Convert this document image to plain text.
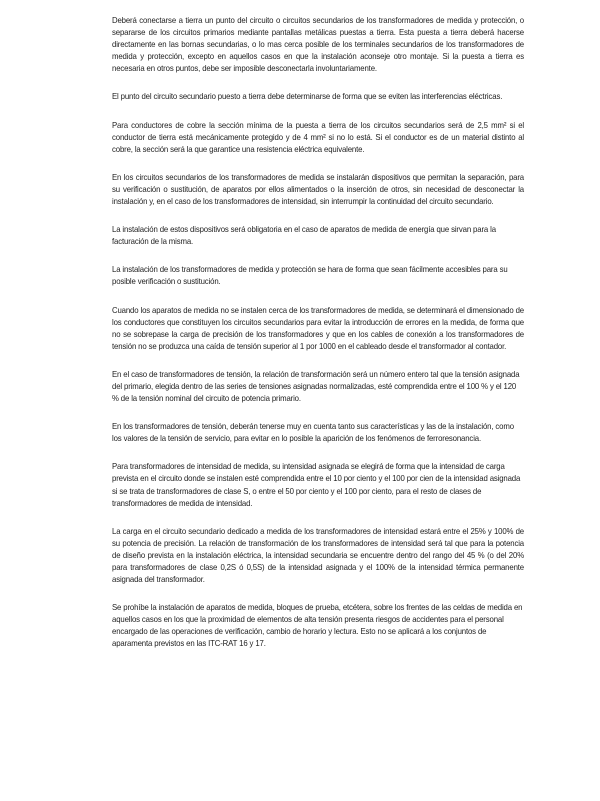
Deberá conectarse a tierra un punto del circuito o circuitos secundarios de los transformadores de medida y protección, o separarse de los circuitos primarios mediante pantallas metálicas puestas a tierra. Esta puesta a tierra deberá hacerse directamente en las bornas secundarias, o lo mas cerca posible de los terminales secundarios de los transformadores de medida y protección, excepto en aquellos casos en que la instalación aconseje otro montaje. Si la puesta a tierra es necesaria en otros puntos, debe ser imposible desconectarla involuntariamente.

El punto del circuito secundario puesto a tierra debe determinarse de forma que se eviten las interferencias eléctricas.

Para conductores de cobre la sección mínima de la puesta a tierra de los circuitos secundarios será de 2,5 mm² si el conductor de tierra está mecánicamente protegido y de 4 mm² si no lo está. Si el conductor es de un material distinto al cobre, la sección será la que garantice una resistencia eléctrica equivalente.

En los circuitos secundarios de los transformadores de medida se instalarán dispositivos que permitan la separación, para su verificación o sustitución, de aparatos por ellos alimentados o la inserción de otros, sin necesidad de desconectar la instalación y, en el caso de los transformadores de intensidad, sin interrumpir la continuidad del circuito secundario.

La instalación de estos dispositivos será obligatoria en el caso de aparatos de medida de energía que sirvan para la facturación de la misma.

La instalación de los transformadores de medida y protección se hara de forma que sean fácilmente accesibles para su posible verificación o sustitución.

Cuando los aparatos de medida no se instalen cerca de los transformadores de medida, se determinará el dimensionado de los conductores que constituyen los circuitos secundarios para evitar la introducción de errores en la medida, de forma que no se sobrepase la carga de precisión de los transformadores y que en los cables de conexión a los transformadores de tensión no se produzca una caída de tensión superior al 1 por 1000 en el cableado desde el transformador al contador.

En el caso de transformadores de tensión, la relación de transformación será un número entero tal que la tensión asignada del primario, elegida dentro de las series de tensiones asignadas normalizadas, esté comprendida entre el 100 % y el 120 % de la tensión nominal del circuito de potencia primario.

En los transformadores de tensión, deberán tenerse muy en cuenta tanto sus características y las de la instalación, como los valores de la tensión de servicio, para evitar en lo posible la aparición de los fenómenos de ferroresonancia.

Para transformadores de intensidad de medida, su intensidad asignada se elegirá de forma que la intensidad de carga prevista en el circuito donde se instalen esté comprendida entre el 10 por ciento y el 100 por cien de la intensidad asignada si se trata de transformadores de clase S, o entre el 50 por ciento y el 100 por ciento, para el resto de clases de transformadores de medida de intensidad.

La carga en el circuito secundario dedicado a medida de los transformadores de intensidad estará entre el 25% y 100% de su potencia de precisión. La relación de transformación de los transformadores de intensidad será tal que para la potencia de diseño prevista en la instalación eléctrica, la intensidad secundaria se encuentre dentro del rango del 45 % (o del 20% para transformadores de clase 0,2S ó 0,5S) de la intensidad asignada y el 100% de la intensidad térmica permanente asignada del transformador.

Se prohíbe la instalación de aparatos de medida, bloques de prueba, etcétera, sobre los frentes de las celdas de medida en aquellos casos en los que la proximidad de elementos de alta tensión presenta riesgos de accidentes para el personal encargado de las operaciones de verificación, cambio de horario y lectura. Esto no se aplicará a los conjuntos de aparamenta previstos en las ITC-RAT 16 y 17.
